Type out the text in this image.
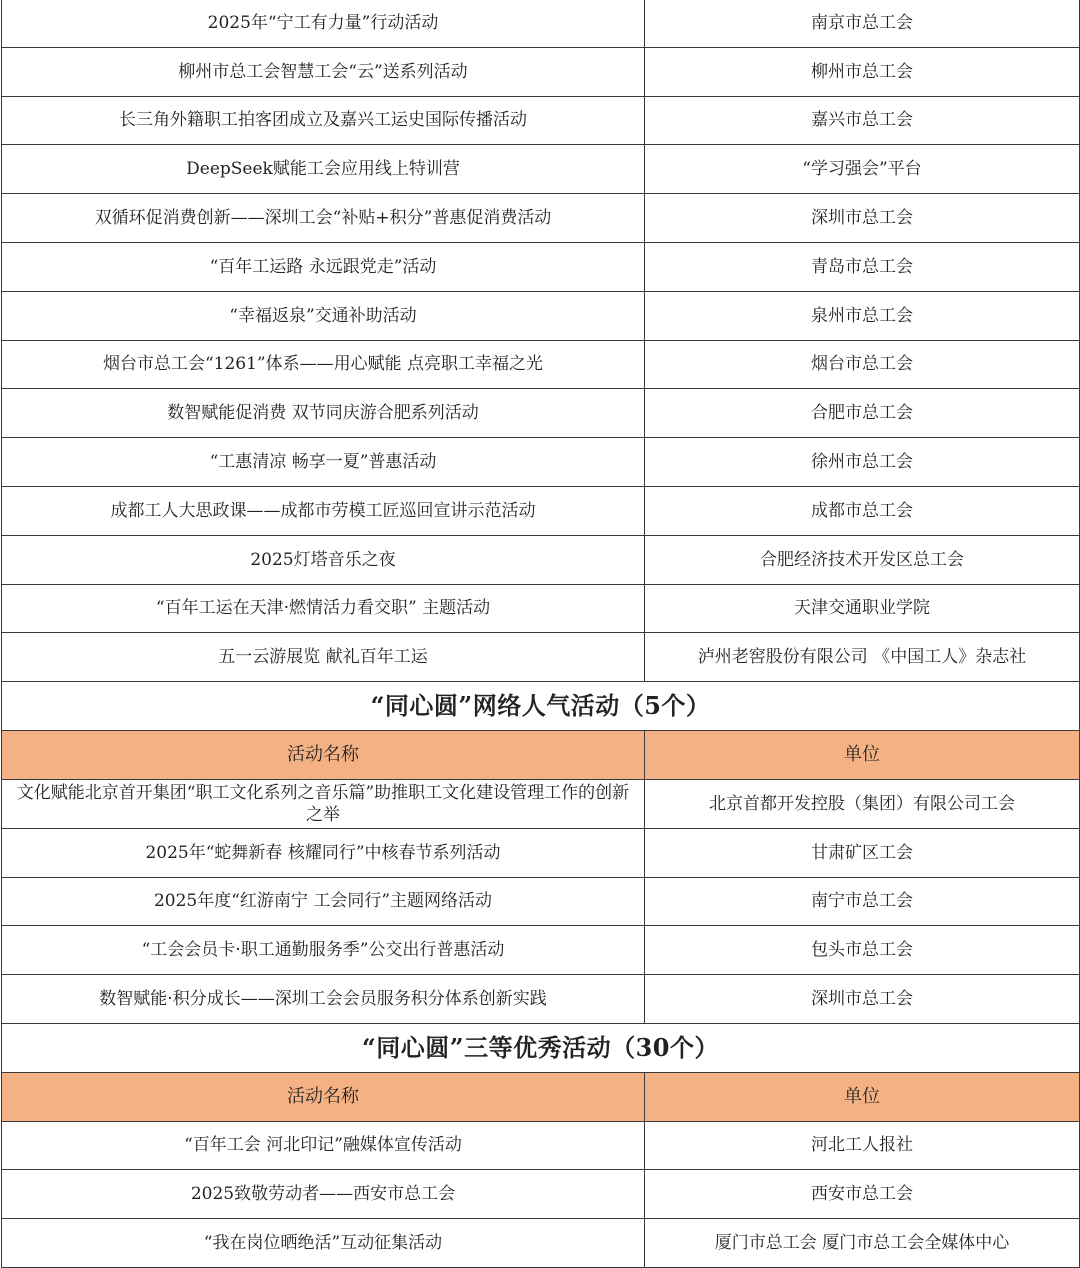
2025年“宁工有力量”行动活动	南京市总工会
柳州市总工会智慧工会“云”送系列活动	柳州市总工会
长三角外籍职工拍客团成立及嘉兴工运史国际传播活动	嘉兴市总工会
DeepSeek赋能工会应用线上特训营	“学习强会”平台
双循环促消费创新——深圳工会“补贴+积分”普惠促消费活动	深圳市总工会
“百年工运路 永远跟党走”活动	青岛市总工会
“幸福返泉”交通补助活动	泉州市总工会
烟台市总工会“1261”体系——用心赋能 点亮职工幸福之光	烟台市总工会
数智赋能促消费 双节同庆游合肥系列活动	合肥市总工会
“工惠清凉 畅享一夏”普惠活动	徐州市总工会
成都工人大思政课——成都市劳模工匠巡回宣讲示范活动	成都市总工会
2025灯塔音乐之夜	合肥经济技术开发区总工会
“百年工运在天津·燃情活力看交职” 主题活动	天津交通职业学院
五一云游展览 献礼百年工运	泸州老窖股份有限公司 《中国工人》杂志社
“同心圆”网络人气活动（5个）	
活动名称	单位
文化赋能北京首开集团“职工文化系列之音乐篇”助推职工文化建设管理工作的创新之举	北京首都开发控股（集团）有限公司工会
2025年“蛇舞新春 核耀同行”中核春节系列活动	甘肃矿区工会
2025年度“红游南宁 工会同行”主题网络活动	南宁市总工会
“工会会员卡·职工通勤服务季”公交出行普惠活动	包头市总工会
数智赋能·积分成长——深圳工会会员服务积分体系创新实践	深圳市总工会
“同心圆”三等优秀活动（30个）	
活动名称	单位
“百年工会 河北印记”融媒体宣传活动	河北工人报社
2025致敬劳动者——西安市总工会	西安市总工会
“我在岗位晒绝活”互动征集活动	厦门市总工会 厦门市总工会全媒体中心
